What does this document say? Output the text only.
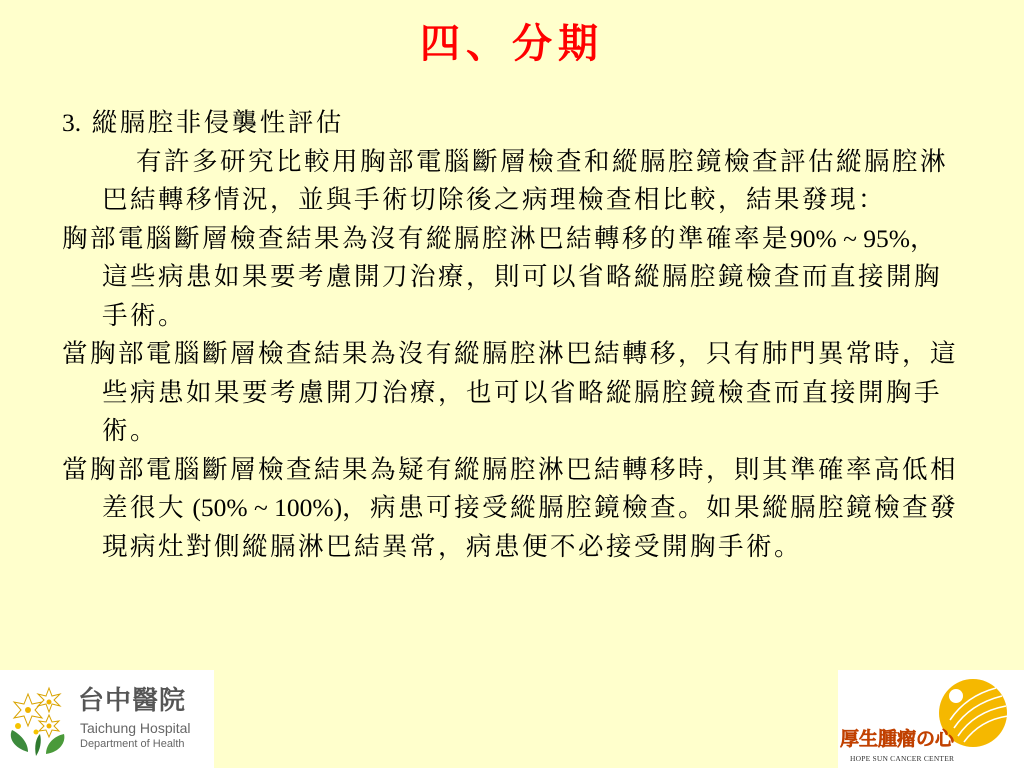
四、分期

3. 縱膈腔非侵襲性評估

有許多研究比較用胸部電腦斷層檢查和縱膈腔鏡檢查評估縱膈腔淋巴結轉移情況，並與手術切除後之病理檢查相比較，結果發現：

胸部電腦斷層檢查結果為沒有縱膈腔淋巴結轉移的準確率是90% ~ 95%，這些病患如果要考慮開刀治療，則可以省略縱膈腔鏡檢查而直接開胸手術。

當胸部電腦斷層檢查結果為沒有縱膈腔淋巴結轉移，只有肺門異常時，這些病患如果要考慮開刀治療，也可以省略縱膈腔鏡檢查而直接開胸手術。

當胸部電腦斷層檢查結果為疑有縱膈腔淋巴結轉移時，則其準確率高低相差很大 (50% ~ 100%)，病患可接受縱膈腔鏡檢查。如果縱膈腔鏡檢查發現病灶對側縱膈淋巴結異常，病患便不必接受開胸手術。

台中醫院
Taichung Hospital
Department of Health	厚生腫瘤の心
HOPE SUN CANCER CENTER
